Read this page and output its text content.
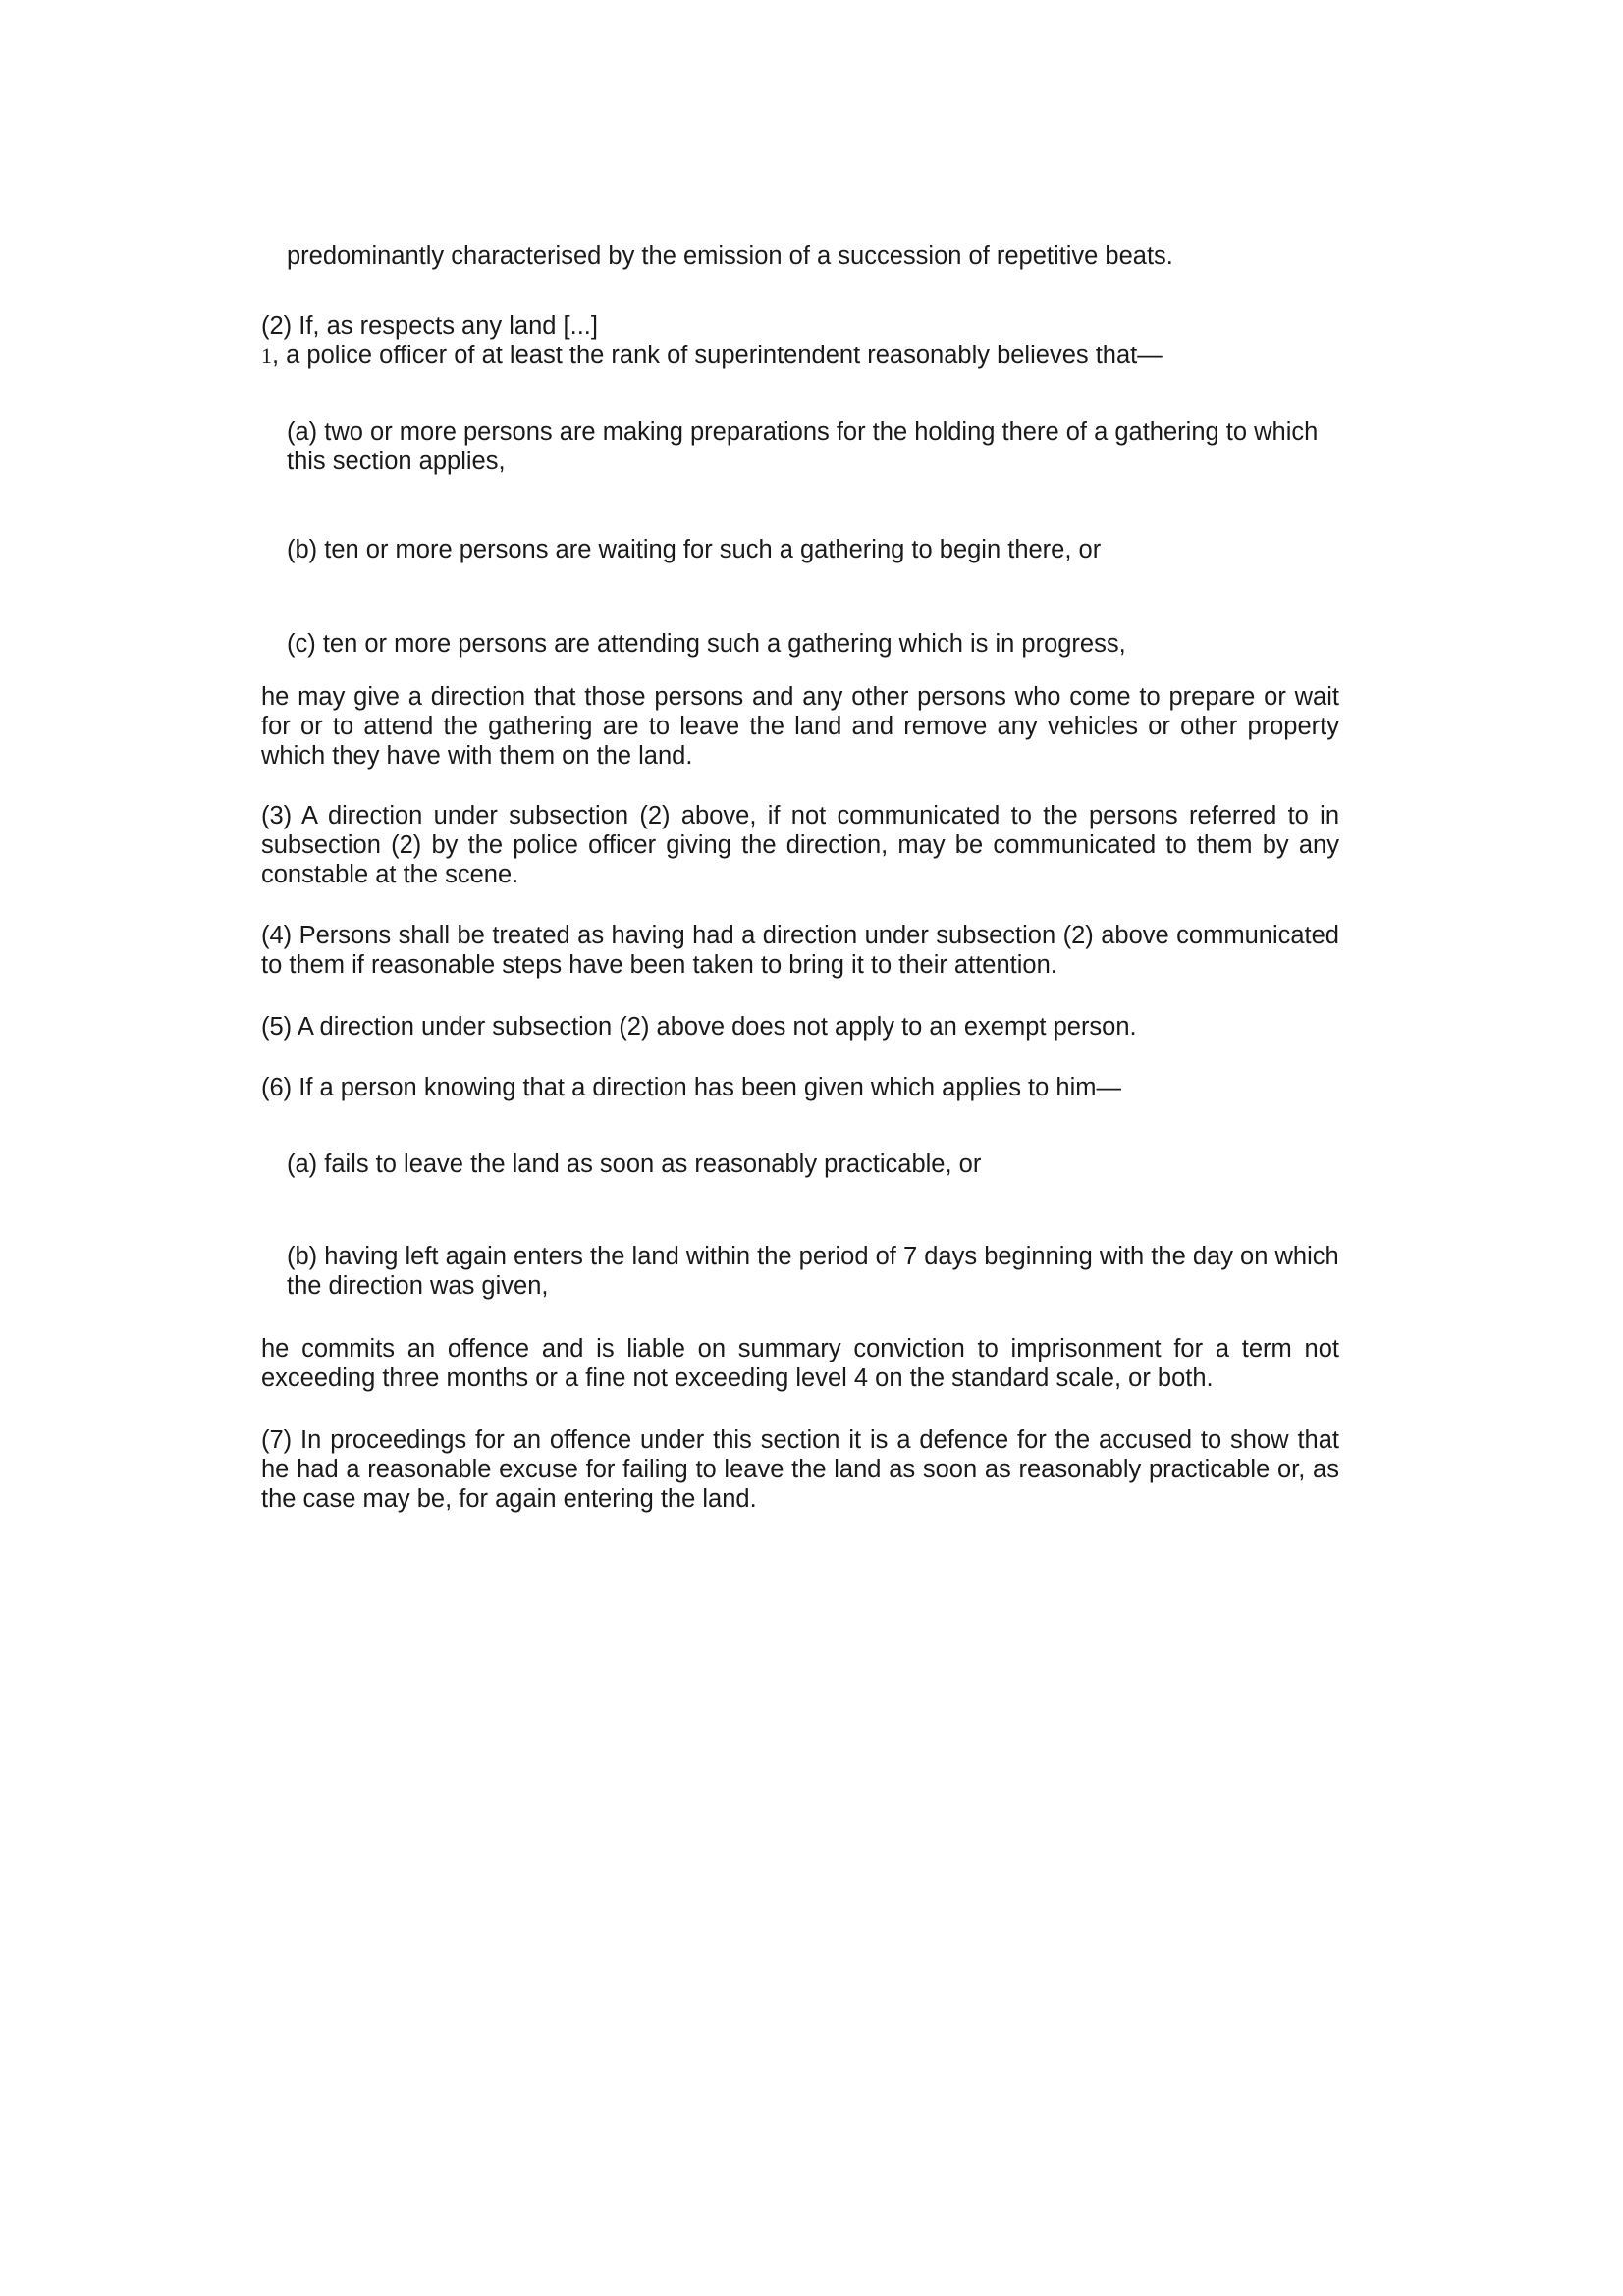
predominantly characterised by the emission of a succession of repetitive beats.

(2) If, as respects any land [...]

1, a police officer of at least the rank of superintendent reasonably believes that—

(a) two or more persons are making preparations for the holding there of a gathering to which this section applies,

(b) ten or more persons are waiting for such a gathering to begin there, or

(c) ten or more persons are attending such a gathering which is in progress,

he may give a direction that those persons and any other persons who come to prepare or wait for or to attend the gathering are to leave the land and remove any vehicles or other property which they have with them on the land.

(3) A direction under subsection (2) above, if not communicated to the persons referred to in subsection (2) by the police officer giving the direction, may be communicated to them by any constable at the scene.

(4) Persons shall be treated as having had a direction under subsection (2) above communicated to them if reasonable steps have been taken to bring it to their attention.

(5) A direction under subsection (2) above does not apply to an exempt person.

(6) If a person knowing that a direction has been given which applies to him—

(a) fails to leave the land as soon as reasonably practicable, or

(b) having left again enters the land within the period of 7 days beginning with the day on which the direction was given,

he commits an offence and is liable on summary conviction to imprisonment for a term not exceeding three months or a fine not exceeding level 4 on the standard scale, or both.

(7) In proceedings for an offence under this section it is a defence for the accused to show that he had a reasonable excuse for failing to leave the land as soon as reasonably practicable or, as the case may be, for again entering the land.
